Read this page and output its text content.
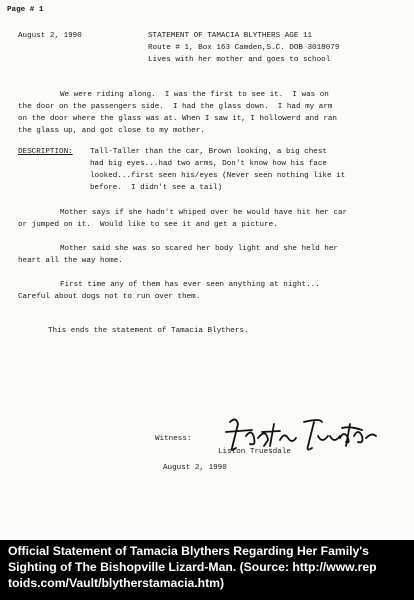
Page # 1
August 2, 1990	STATEMENT OF TAMACIA BLYTHERS AGE 11
Route # 1, Box 163 Camden,S.C. DOB 3018079
Lives with her mother and goes to school
We were riding along.  I was the first to see it.  I was on
the door on the passengers side.  I had the glass down.  I had my arm
on the door where the glass was at. When I saw it, I hollowerd and ran
the glass up, and got close to my mother.
DESCRIPTION: Tall-Taller than the car, Brown looking, a big chest
had big eyes...had two arms, Don't know how his face
looked...first seen his/eyes (Never seen nothing like it
before.  I didn't see a tail)
Mother says if she hadn't whiped over he would have hit her car
or jumped on it.  Would like to see it and get a picture.
Mother said she was so scared her body light and she held her
heart all the way home.
First time any of them has ever seen anything at night...
Careful about dogs not to run over them.
This ends the statement of Tamacia Blythers.
Witness:
Liston Truesdale
August 2, 1990
Official Statement of Tamacia Blythers Regarding Her Family's
Sighting of The Bishopville Lizard-Man. (Source: http://www.rep
toids.com/Vault/blytherstamacia.htm)
